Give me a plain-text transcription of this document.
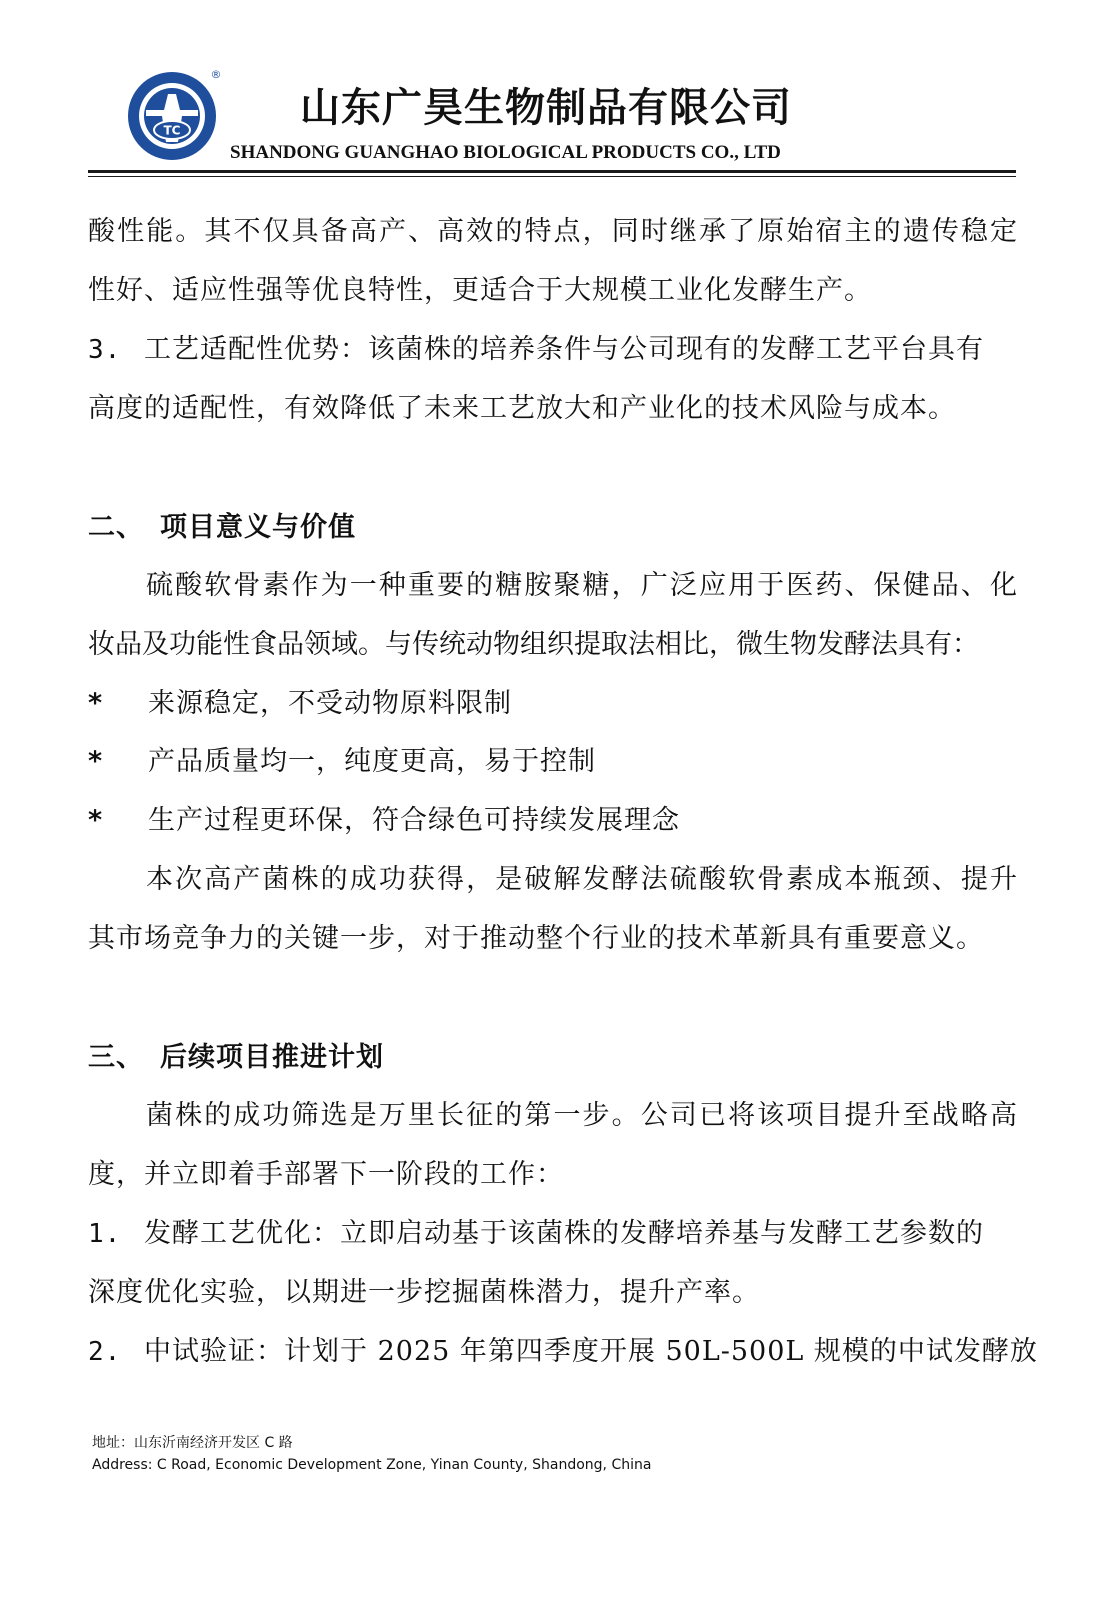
TC
®
山东广昊生物制品有限公司
SHANDONG GUANGHAO BIOLOGICAL PRODUCTS CO., LTD
酸性能。其不仅具备高产、高效的特点，同时继承了原始宿主的遗传稳定
性好、适应性强等优良特性，更适合于大规模工业化发酵生产。
3. 工艺适配性优势：该菌株的培养条件与公司现有的发酵工艺平台具有
高度的适配性，有效降低了未来工艺放大和产业化的技术风险与成本。
二、 项目意义与价值
硫酸软骨素作为一种重要的糖胺聚糖，广泛应用于医药、保健品、化
妆品及功能性食品领域。与传统动物组织提取法相比，微生物发酵法具有：
* 来源稳定，不受动物原料限制
* 产品质量均一，纯度更高，易于控制
* 生产过程更环保，符合绿色可持续发展理念
本次高产菌株的成功获得，是破解发酵法硫酸软骨素成本瓶颈、提升
其市场竞争力的关键一步，对于推动整个行业的技术革新具有重要意义。
三、 后续项目推进计划
菌株的成功筛选是万里长征的第一步。公司已将该项目提升至战略高
度，并立即着手部署下一阶段的工作：
1. 发酵工艺优化：立即启动基于该菌株的发酵培养基与发酵工艺参数的
深度优化实验，以期进一步挖掘菌株潜力，提升产率。
2. 中试验证：计划于 2025 年第四季度开展 50L-500L 规模的中试发酵放
地址：山东沂南经济开发区 C 路
Address: C Road, Economic Development Zone, Yinan County, Shandong, China
